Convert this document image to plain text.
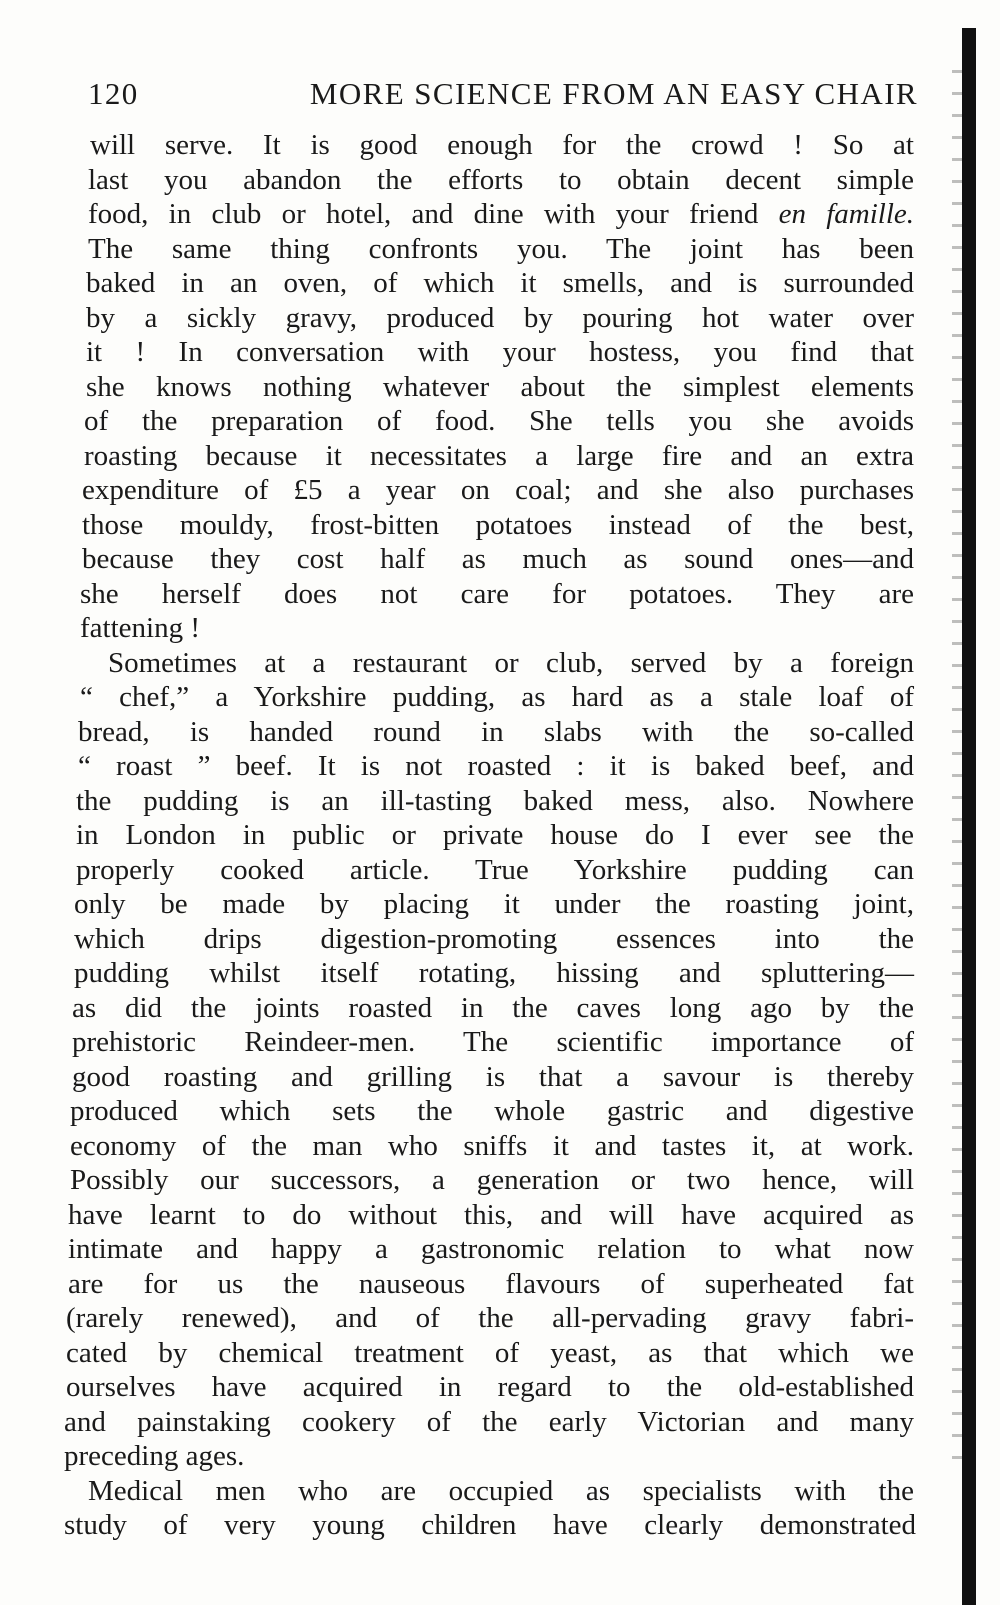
120	MORE SCIENCE FROM AN EASY CHAIR
will serve. It is good enough for the crowd ! So at
last you abandon the efforts to obtain decent simple
food, in club or hotel, and dine with your friend en famille.
The same thing confronts you. The joint has been
baked in an oven, of which it smells, and is surrounded
by a sickly gravy, produced by pouring hot water over
it ! In conversation with your hostess, you find that
she knows nothing whatever about the simplest elements
of the preparation of food. She tells you she avoids
roasting because it necessitates a large fire and an extra
expenditure of £5 a year on coal; and she also purchases
those mouldy, frost-bitten potatoes instead of the best,
because they cost half as much as sound ones—and
she herself does not care for potatoes. They are
fattening !
Sometimes at a restaurant or club, served by a foreign
“ chef,” a Yorkshire pudding, as hard as a stale loaf of
bread, is handed round in slabs with the so-called
“ roast ” beef. It is not roasted : it is baked beef, and
the pudding is an ill-tasting baked mess, also. Nowhere
in London in public or private house do I ever see the
properly cooked article. True Yorkshire pudding can
only be made by placing it under the roasting joint,
which drips digestion-promoting essences into the
pudding whilst itself rotating, hissing and spluttering—
as did the joints roasted in the caves long ago by the
prehistoric Reindeer-men. The scientific importance of
good roasting and grilling is that a savour is thereby
produced which sets the whole gastric and digestive
economy of the man who sniffs it and tastes it, at work.
Possibly our successors, a generation or two hence, will
have learnt to do without this, and will have acquired as
intimate and happy a gastronomic relation to what now
are for us the nauseous flavours of superheated fat
(rarely renewed), and of the all-pervading gravy fabri-
cated by chemical treatment of yeast, as that which we
ourselves have acquired in regard to the old-established
and painstaking cookery of the early Victorian and many
preceding ages.
Medical men who are occupied as specialists with the
study of very young children have clearly demonstrated
